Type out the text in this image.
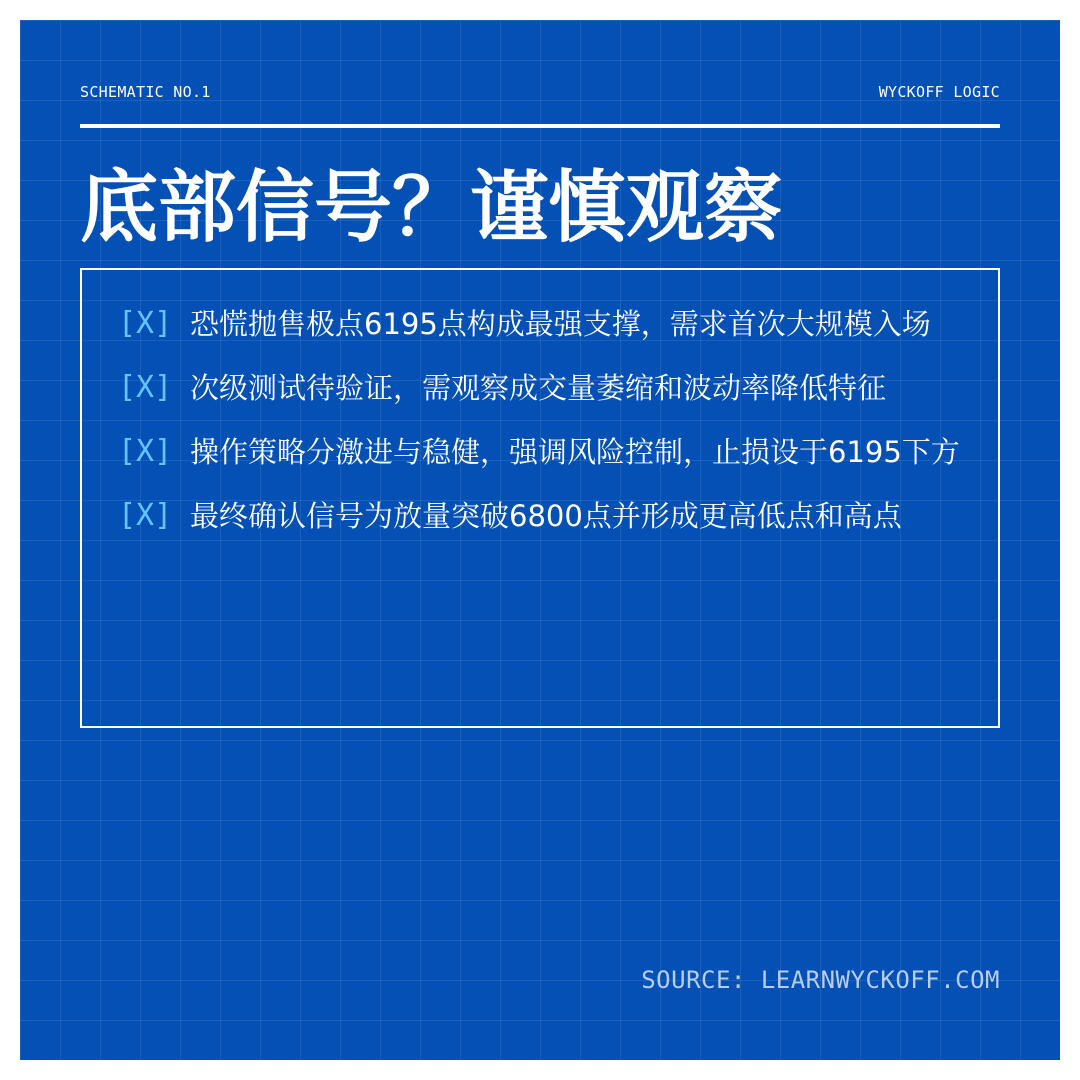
SCHEMATIC NO.1	WYCKOFF LOGIC
底部信号？谨慎观察
[X] 恐慌抛售极点6195点构成最强支撑，需求首次大规模入场
[X] 次级测试待验证，需观察成交量萎缩和波动率降低特征
[X] 操作策略分激进与稳健，强调风险控制，止损设于6195下方
[X] 最终确认信号为放量突破6800点并形成更高低点和高点
SOURCE: LEARNWYCKOFF.COM
